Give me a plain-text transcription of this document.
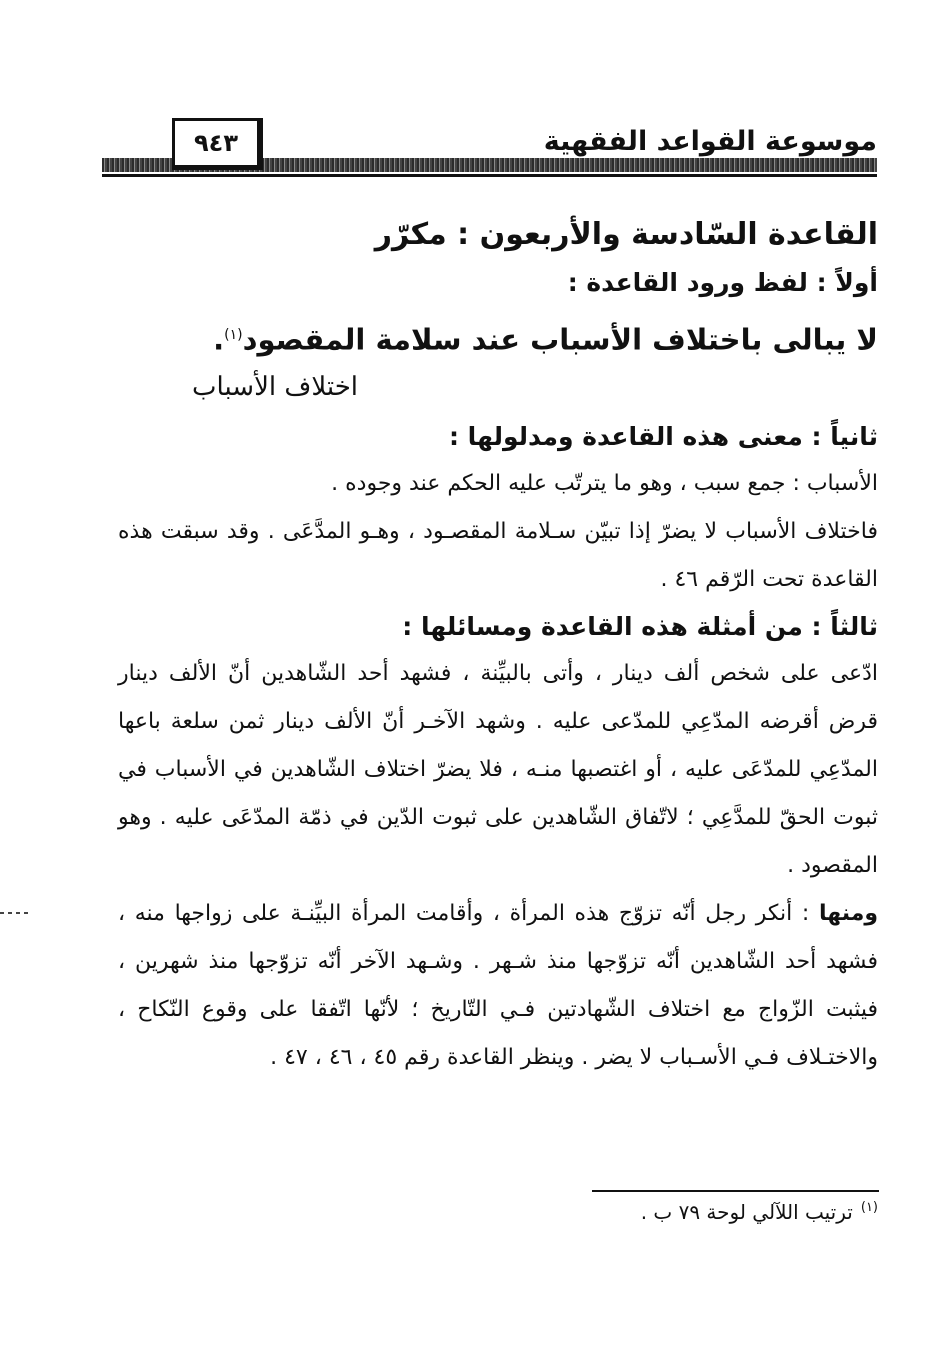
موسوعة القواعد الفقهية
٩٤٣
القاعدة السّادسة والأربعون : مكرّر
أولاً : لفظ ورود القاعدة :
لا يبالى باختلاف الأسباب عند سلامة المقصود$^{(١)}$.
اختلاف الأسباب
ثانياً : معنى هذه القاعدة ومدلولها :
الأسباب : جمع سبب ، وهو ما يترتّب عليه الحكم عند وجوده .
فاختلاف الأسباب لا يضرّ إذا تبيّن سـلامة المقصـود ، وهـو المدَّعَى . وقد سبقت هذه القاعدة تحت الرّقم ٤٦ .
ثالثاً : من أمثلة هذه القاعدة ومسائلها :
ادّعى على شخص ألف دينار ، وأتى بالبيِّنة ، فشهد أحد الشّاهدين أنّ الألف دينار قرض أقرضه المدّعِي للمدّعى عليه . وشهد الآخـر أنّ الألف دينار ثمن سلعة باعها المدّعِي للمدّعَى عليه ، أو اغتصبها منـه ، فلا يضرّ اختلاف الشّاهدين في الأسباب في ثبوت الحقّ للمدَّعِي ؛ لاتّفاق الشّاهدين على ثبوت الدّين في ذمّة المدّعَى عليه . وهو المقصود .
ومنها : أنكر رجل أنّه تزوّج هذه المرأة ، وأقامت المرأة البيِّنـة على زواجها منه ، فشهد أحد الشّاهدين أنّه تزوّجها منذ شـهر . وشـهد الآخر أنّه تزوّجها منذ شهرين ، فيثبت الزّواج مع اختلاف الشّهادتين فـي التّاريخ ؛ لأنّها اتّفقا على وقوع النّكاح ، والاختـلاف فـي الأسـباب لا يضر . وينظر القاعدة رقم ٤٥ ، ٤٦ ، ٤٧ .
$^{(١)}$ترتيب اللآلي لوحة ٧٩ ب .
